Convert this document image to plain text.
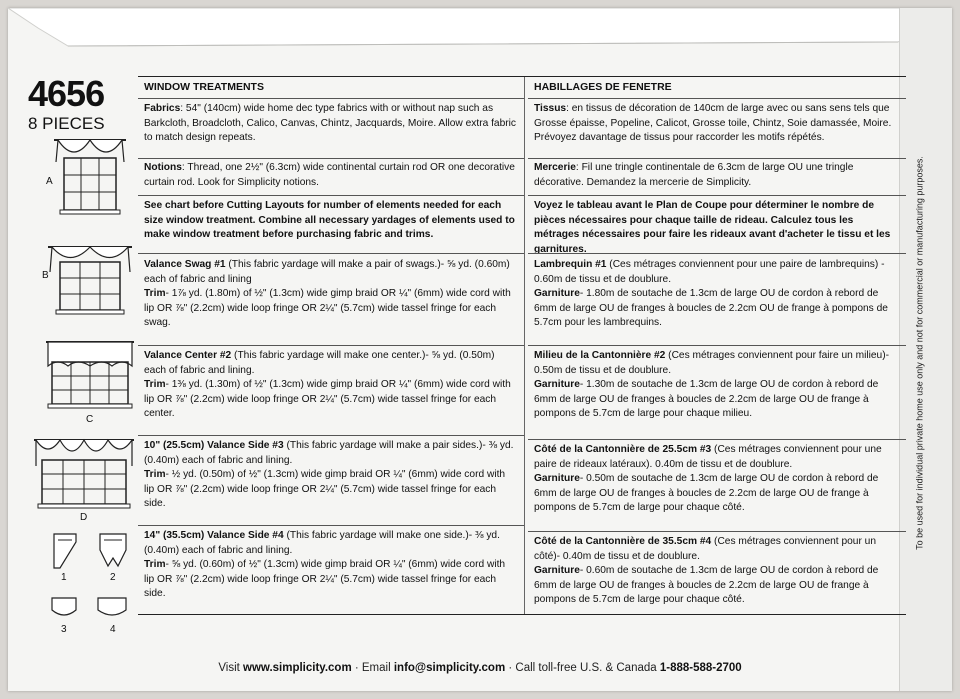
To be used for individual private home use only and not for commercial or manufacturing purposes.
4656
8 PIECES
A
B
C
D
1	2
3	4
WINDOW TREATMENTS
Fabrics: 54" (140cm) wide home dec type fabrics with or without nap such as Barkcloth, Broadcloth, Calico, Canvas, Chintz, Jacquards, Moire. Allow extra fabric to match design repeats.
Notions: Thread, one 2½" (6.3cm) wide continental curtain rod OR one decorative curtain rod. Look for Simplicity notions.
See chart before Cutting Layouts for number of elements needed for each size window treatment. Combine all necessary yardages of elements used to make window treatment before purchasing fabric and trims.
Valance Swag #1 (This fabric yardage will make a pair of swags.)- ⅝ yd. (0.60m) each of fabric and lining
Trim- 1⅞ yd. (1.80m) of ½" (1.3cm) wide gimp braid OR ¼" (6mm) wide cord with lip OR ⅞" (2.2cm) wide loop fringe OR 2¼" (5.7cm) wide tassel fringe for each swag.
Valance Center #2 (This fabric yardage will make one center.)- ⅝ yd. (0.50m) each of fabric and lining.
Trim- 1⅜ yd. (1.30m) of ½" (1.3cm) wide gimp braid OR ¼" (6mm) wide cord with lip OR ⅞" (2.2cm) wide loop fringe OR 2¼" (5.7cm) wide tassel fringe for each center.
10" (25.5cm) Valance Side #3 (This fabric yardage will make a pair sides.)- ⅜ yd. (0.40m) each of fabric and lining.
Trim- ½ yd. (0.50m) of ½" (1.3cm) wide gimp braid OR ¼" (6mm) wide cord with lip OR ⅞" (2.2cm) wide loop fringe OR 2¼" (5.7cm) wide tassel fringe for each side.
14" (35.5cm) Valance Side #4 (This fabric yardage will make one side.)- ⅜ yd. (0.40m) each of fabric and lining.
Trim- ⅝ yd. (0.60m) of ½" (1.3cm) wide gimp braid OR ¼" (6mm) wide cord with lip OR ⅞" (2.2cm) wide loop fringe OR 2¼" (5.7cm) wide tassel fringe for each side.
HABILLAGES DE FENETRE
Tissus: en tissus de décoration de 140cm de large avec ou sans sens tels que Grosse épaisse, Popeline, Calicot, Grosse toile, Chintz, Soie damassée, Moire. Prévoyez davantage de tissus pour raccorder les motifs répétés.
Mercerie: Fil une tringle continentale de 6.3cm de large OU une tringle décorative. Demandez la mercerie de Simplicity.
Voyez le tableau avant le Plan de Coupe pour déterminer le nombre de pièces nécessaires pour chaque taille de rideau. Calculez tous les métrages nécessaires pour faire les rideaux avant d'acheter le tissu et les garnitures.
Lambrequin #1 (Ces métrages conviennent pour une paire de lambrequins) - 0.60m de tissu et de doublure.
Garniture- 1.80m de soutache de 1.3cm de large OU de cordon à rebord de 6mm de large OU de franges à boucles de 2.2cm OU de frange à pompons de 5.7cm pour les lambrequins.
Milieu de la Cantonnière #2 (Ces métrages conviennent pour faire un milieu)- 0.50m de tissu et de doublure.
Garniture- 1.30m de soutache de 1.3cm de large OU de cordon à rebord de 6mm de large OU de franges à boucles de 2.2cm de large OU de frange à pompons de 5.7cm de large pour chaque milieu.
Côté de la Cantonnière de 25.5cm #3 (Ces métrages conviennent pour une paire de rideaux latéraux). 0.40m de tissu et de doublure.
Garniture- 0.50m de soutache de 1.3cm de large OU de cordon à rebord de 6mm de large OU de franges à boucles de 2.2cm de large OU de frange à pompons de 5.7cm de large pour chaque côté.
Côté de la Cantonnière de 35.5cm #4 (Ces métrages conviennent pour un côté)- 0.40m de tissu et de doublure.
Garniture- 0.60m de soutache de 1.3cm de large OU de cordon à rebord de 6mm de large OU de franges à boucles de 2.2cm de large OU de frange à pompons de 5.7cm de large pour chaque côté.
Visit www.simplicity.com · Email info@simplicity.com · Call toll-free U.S. & Canada 1-888-588-2700
